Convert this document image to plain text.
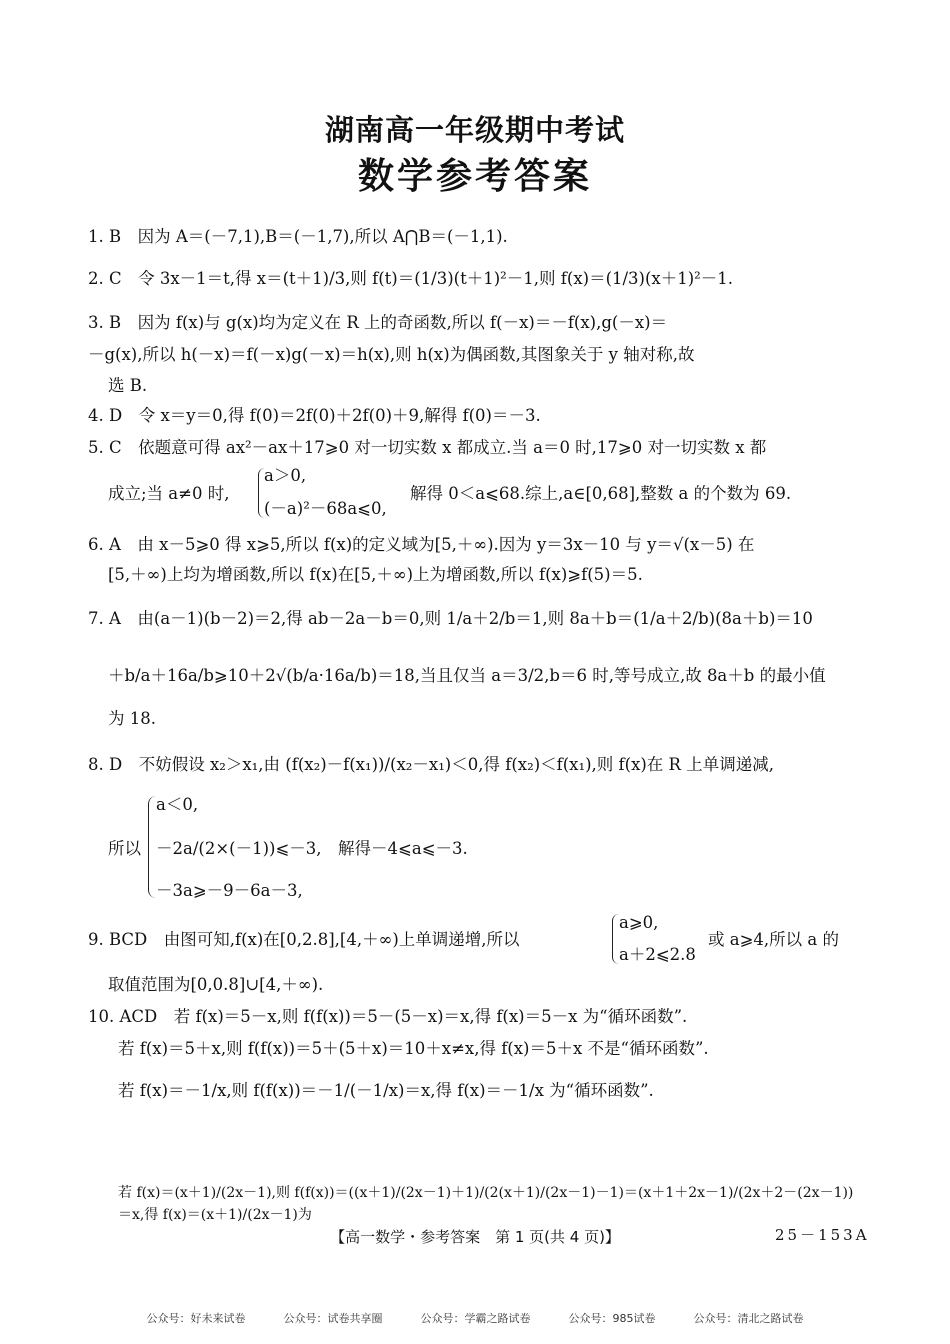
湖南高一年级期中考试
数学参考答案
1. B　因为 A＝(－7,1),B＝(－1,7),所以 A⋂B＝(－1,1).
2. C　令 3x－1＝t,得 x＝(t＋1)/3,则 f(t)＝(1/3)(t＋1)²－1,则 f(x)＝(1/3)(x＋1)²－1.
3. B　因为 f(x)与 g(x)均为定义在 R 上的奇函数,所以 f(－x)＝－f(x),g(－x)＝
－g(x),所以 h(－x)＝f(－x)g(－x)＝h(x),则 h(x)为偶函数,其图象关于 y 轴对称,故
选 B.
4. D　令 x＝y＝0,得 f(0)＝2f(0)＋2f(0)＋9,解得 f(0)＝－3.
5. C　依题意可得 ax²－ax＋17⩾0 对一切实数 x 都成立.当 a＝0 时,17⩾0 对一切实数 x 都
成立;当 a≠0 时,
a＞0,
(－a)²－68a⩽0,
解得 0＜a⩽68.综上,a∈[0,68],整数 a 的个数为 69.
6. A　由 x－5⩾0 得 x⩾5,所以 f(x)的定义域为[5,＋∞).因为 y＝3x－10 与 y＝√(x－5) 在
[5,＋∞)上均为增函数,所以 f(x)在[5,＋∞)上为增函数,所以 f(x)⩾f(5)＝5.
7. A　由(a－1)(b－2)＝2,得 ab－2a－b＝0,则 1/a＋2/b＝1,则 8a＋b＝(1/a＋2/b)(8a＋b)＝10
＋b/a＋16a/b⩾10＋2√(b/a·16a/b)＝18,当且仅当 a＝3/2,b＝6 时,等号成立,故 8a＋b 的最小值
为 18.
8. D　不妨假设 x₂＞x₁,由 (f(x₂)－f(x₁))/(x₂－x₁)＜0,得 f(x₂)＜f(x₁),则 f(x)在 R 上单调递减,
所以
a＜0,
－2a/(2×(－1))⩽－3,　解得－4⩽a⩽－3.
－3a⩾－9－6a－3,
9. BCD　由图可知,f(x)在[0,2.8],[4,＋∞)上单调递增,所以
a⩾0,
a＋2⩽2.8
或 a⩾4,所以 a 的
取值范围为[0,0.8]∪[4,＋∞).
10. ACD　若 f(x)＝5－x,则 f(f(x))＝5－(5－x)＝x,得 f(x)＝5－x 为“循环函数”.
若 f(x)＝5＋x,则 f(f(x))＝5＋(5＋x)＝10＋x≠x,得 f(x)＝5＋x 不是“循环函数”.
若 f(x)＝－1/x,则 f(f(x))＝－1/(－1/x)＝x,得 f(x)＝－1/x 为“循环函数”.
若 f(x)＝(x＋1)/(2x－1),则 f(f(x))＝((x＋1)/(2x－1)＋1)/(2(x＋1)/(2x－1)－1)＝(x＋1＋2x－1)/(2x＋2－(2x－1))＝x,得 f(x)＝(x＋1)/(2x－1)为
【高一数学・参考答案　第 1 页(共 4 页)】	25－153A
公众号：好未来试卷	公众号：试卷共享圈	公众号：学霸之路试卷	公众号：985试卷	公众号：清北之路试卷
